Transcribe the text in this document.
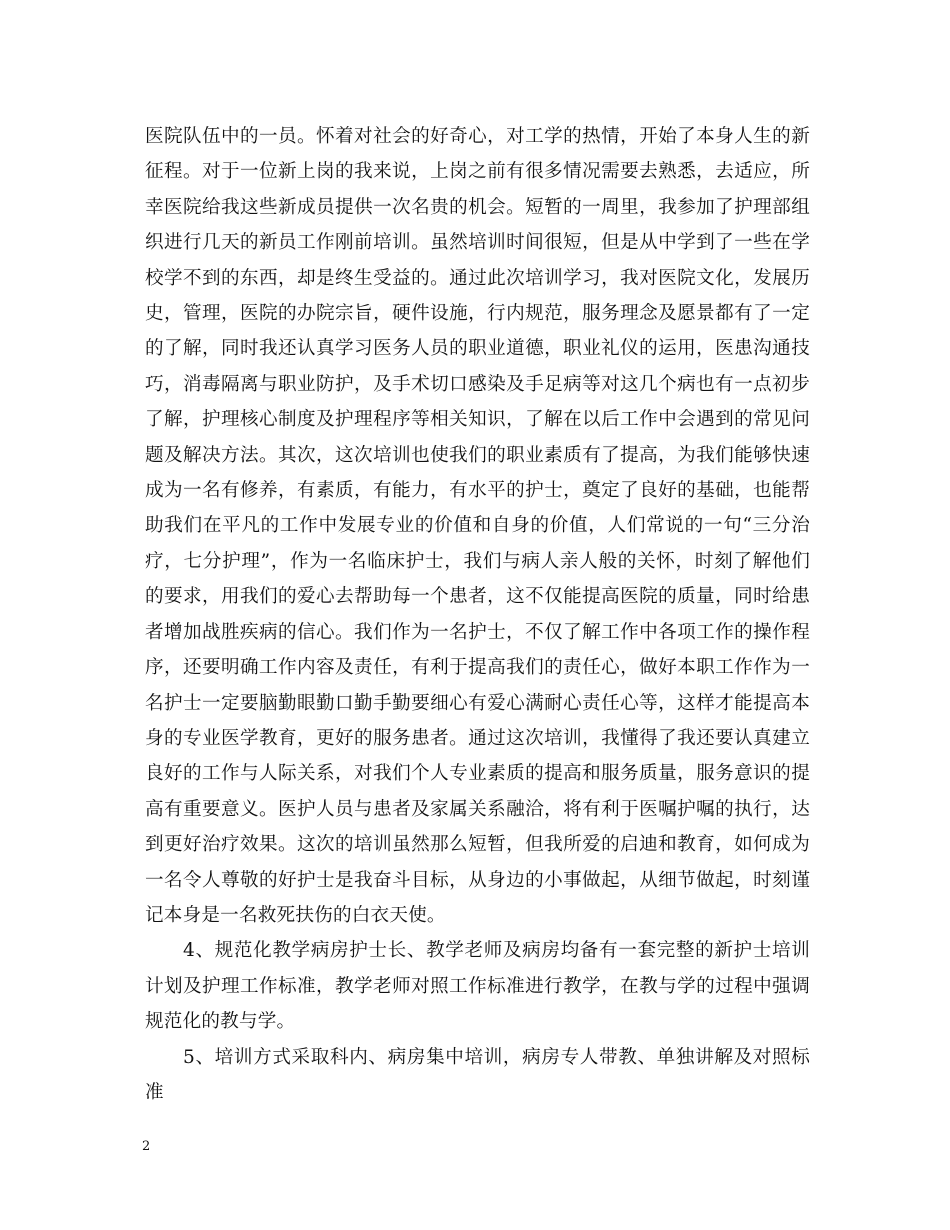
医院队伍中的一员。怀着对社会的好奇心，对工学的热情，开始了本身人生的新征程。对于一位新上岗的我来说，上岗之前有很多情况需要去熟悉，去适应，所幸医院给我这些新成员提供一次名贵的机会。短暂的一周里，我参加了护理部组织进行几天的新员工作刚前培训。虽然培训时间很短，但是从中学到了一些在学校学不到的东西，却是终生受益的。通过此次培训学习，我对医院文化，发展历史，管理，医院的办院宗旨，硬件设施，行内规范，服务理念及愿景都有了一定的了解，同时我还认真学习医务人员的职业道德，职业礼仪的运用，医患沟通技巧，消毒隔离与职业防护，及手术切口感染及手足病等对这几个病也有一点初步了解，护理核心制度及护理程序等相关知识，了解在以后工作中会遇到的常见问题及解决方法。其次，这次培训也使我们的职业素质有了提高，为我们能够快速成为一名有修养，有素质，有能力，有水平的护士，奠定了良好的基础，也能帮助我们在平凡的工作中发展专业的价值和自身的价值，人们常说的一句“三分治疗，七分护理”，作为一名临床护士，我们与病人亲人般的关怀，时刻了解他们的要求，用我们的爱心去帮助每一个患者，这不仅能提高医院的质量，同时给患者增加战胜疾病的信心。我们作为一名护士，不仅了解工作中各项工作的操作程序，还要明确工作内容及责任，有利于提高我们的责任心，做好本职工作作为一名护士一定要脑勤眼勤口勤手勤要细心有爱心满耐心责任心等，这样才能提高本身的专业医学教育，更好的服务患者。通过这次培训，我懂得了我还要认真建立良好的工作与人际关系，对我们个人专业素质的提高和服务质量，服务意识的提高有重要意义。医护人员与患者及家属关系融洽，将有利于医嘱护嘱的执行，达到更好治疗效果。这次的培训虽然那么短暂，但我所爱的启迪和教育，如何成为一名令人尊敬的好护士是我奋斗目标，从身边的小事做起，从细节做起，时刻谨记本身是一名救死扶伤的白衣天使。

4、规范化教学病房护士长、教学老师及病房均备有一套完整的新护士培训计划及护理工作标准，教学老师对照工作标准进行教学，在教与学的过程中强调规范化的教与学。

5、培训方式采取科内、病房集中培训，病房专人带教、单独讲解及对照标准

2
